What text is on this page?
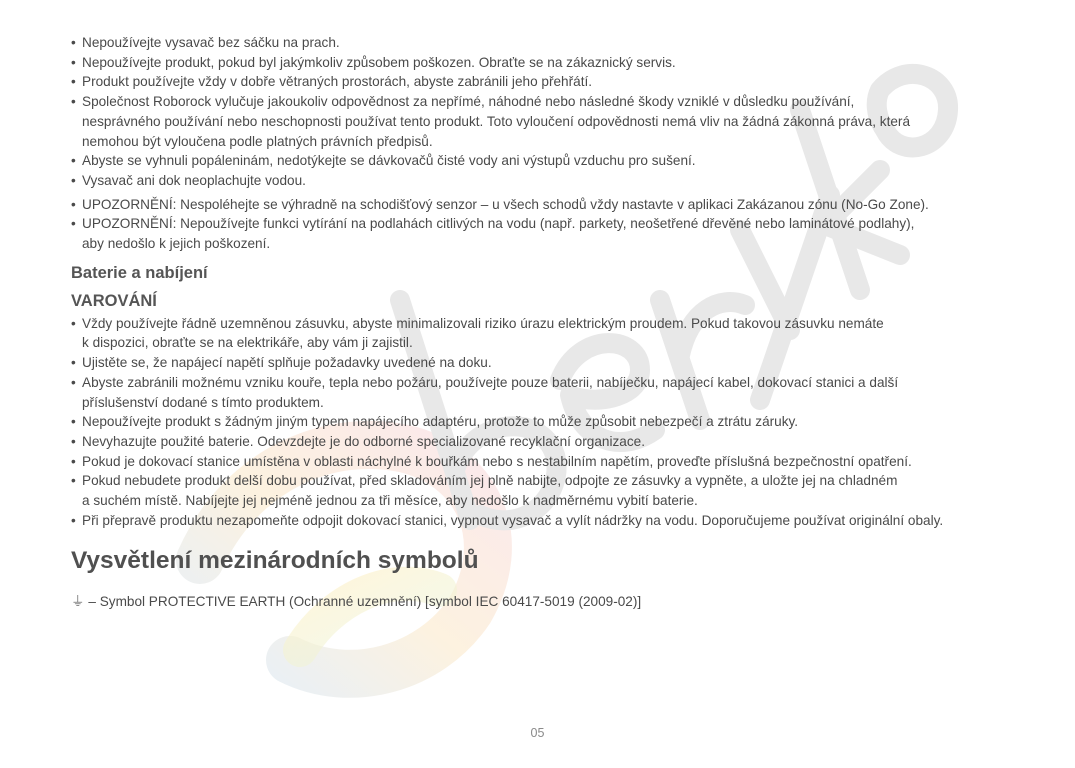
• Nepoužívejte vysavač bez sáčku na prach.
• Nepoužívejte produkt, pokud byl jakýmkoliv způsobem poškozen. Obraťte se na zákaznický servis.
• Produkt používejte vždy v dobře větraných prostorách, abyste zabránili jeho přehřátí.
• Společnost Roborock vylučuje jakoukoliv odpovědnost za nepřímé, náhodné nebo následné škody vzniklé v důsledku používání,
nesprávného používání nebo neschopnosti používat tento produkt. Toto vyloučení odpovědnosti nemá vliv na žádná zákonná práva, která
nemohou být vyloučena podle platných právních předpisů.
• Abyste se vyhnuli popáleninám, nedotýkejte se dávkovačů čisté vody ani výstupů vzduchu pro sušení.
• Vysavač ani dok neoplachujte vodou.
• UPOZORNĚNÍ: Nespoléhejte se výhradně na schodišťový senzor – u všech schodů vždy nastavte v aplikaci Zakázanou zónu (No-Go Zone).
• UPOZORNĚNÍ: Nepoužívejte funkci vytírání na podlahách citlivých na vodu (např. parkety, neošetřené dřevěné nebo laminátové podlahy),
aby nedošlo k jejich poškození.
Baterie a nabíjení
VAROVÁNÍ
• Vždy používejte řádně uzemněnou zásuvku, abyste minimalizovali riziko úrazu elektrickým proudem. Pokud takovou zásuvku nemáte
k dispozici, obraťte se na elektrikáře, aby vám ji zajistil.
• Ujistěte se, že napájecí napětí splňuje požadavky uvedené na doku.
• Abyste zabránili možnému vzniku kouře, tepla nebo požáru, používejte pouze baterii, nabíječku, napájecí kabel, dokovací stanici a další
příslušenství dodané s tímto produktem.
• Nepoužívejte produkt s žádným jiným typem napájecího adaptéru, protože to může způsobit nebezpečí a ztrátu záruky.
• Nevyhazujte použité baterie. Odevzdejte je do odborné specializované recyklační organizace.
• Pokud je dokovací stanice umístěna v oblasti náchylné k bouřkám nebo s nestabilním napětím, proveďte příslušná bezpečnostní opatření.
• Pokud nebudete produkt delší dobu používat, před skladováním jej plně nabijte, odpojte ze zásuvky a vypněte, a uložte jej na chladném
a suchém místě. Nabíjejte jej nejméně jednou za tři měsíce, aby nedošlo k nadměrnému vybití baterie.
• Při přepravě produktu nezapomeňte odpojit dokovací stanici, vypnout vysavač a vylít nádržky na vodu. Doporučujeme používat originální obaly.
Vysvětlení mezinárodních symbolů
⏚ – Symbol PROTECTIVE EARTH (Ochranné uzemnění) [symbol IEC 60417-5019 (2009-02)]
05
